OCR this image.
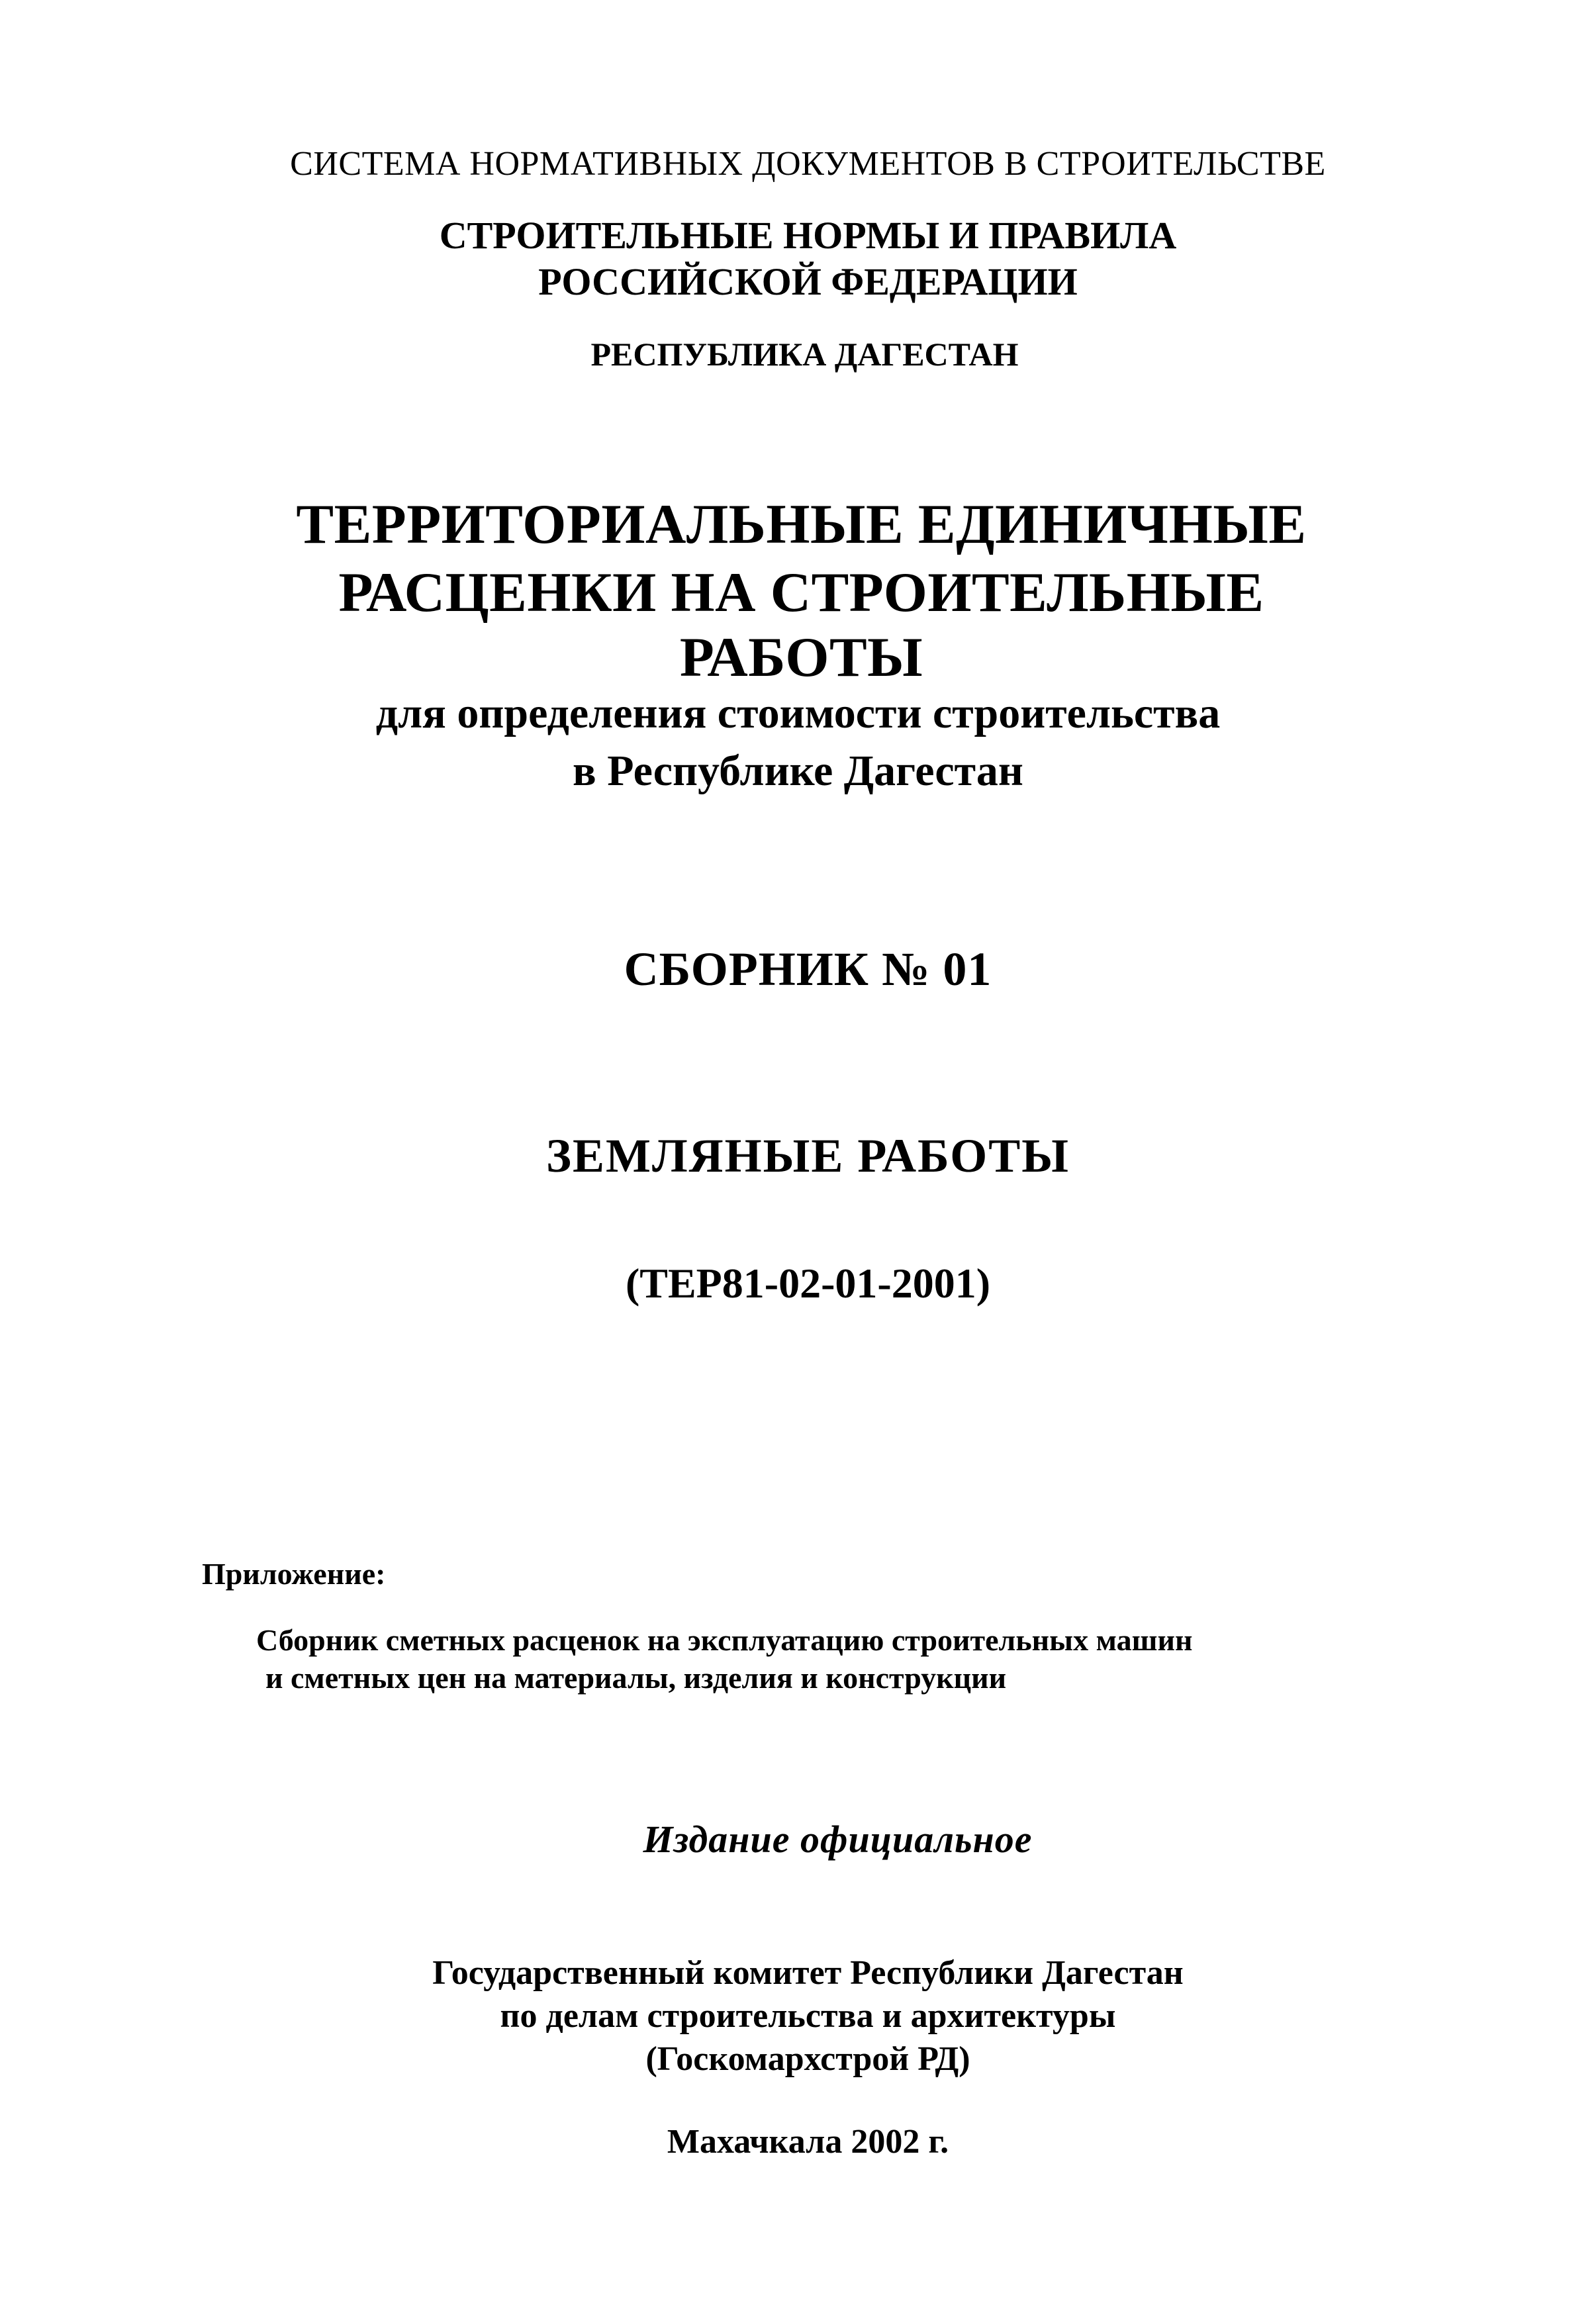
СИСТЕМА НОРМАТИВНЫХ ДОКУМЕНТОВ В СТРОИТЕЛЬСТВЕ
СТРОИТЕЛЬНЫЕ НОРМЫ И ПРАВИЛА
РОССИЙСКОЙ ФЕДЕРАЦИИ
РЕСПУБЛИКА ДАГЕСТАН
ТЕРРИТОРИАЛЬНЫЕ ЕДИНИЧНЫЕ
РАСЦЕНКИ НА СТРОИТЕЛЬНЫЕ
РАБОТЫ
для определения стоимости строительства
в Республике Дагестан
СБОРНИК № 01
ЗЕМЛЯНЫЕ РАБОТЫ
(ТЕР81-02-01-2001)
Приложение:
Сборник сметных расценок на эксплуатацию строительных машин
и сметных цен на материалы, изделия и конструкции
Издание официальное
Государственный комитет Республики Дагестан
по делам строительства и архитектуры
(Госкомархстрой РД)
Махачкала 2002 г.
